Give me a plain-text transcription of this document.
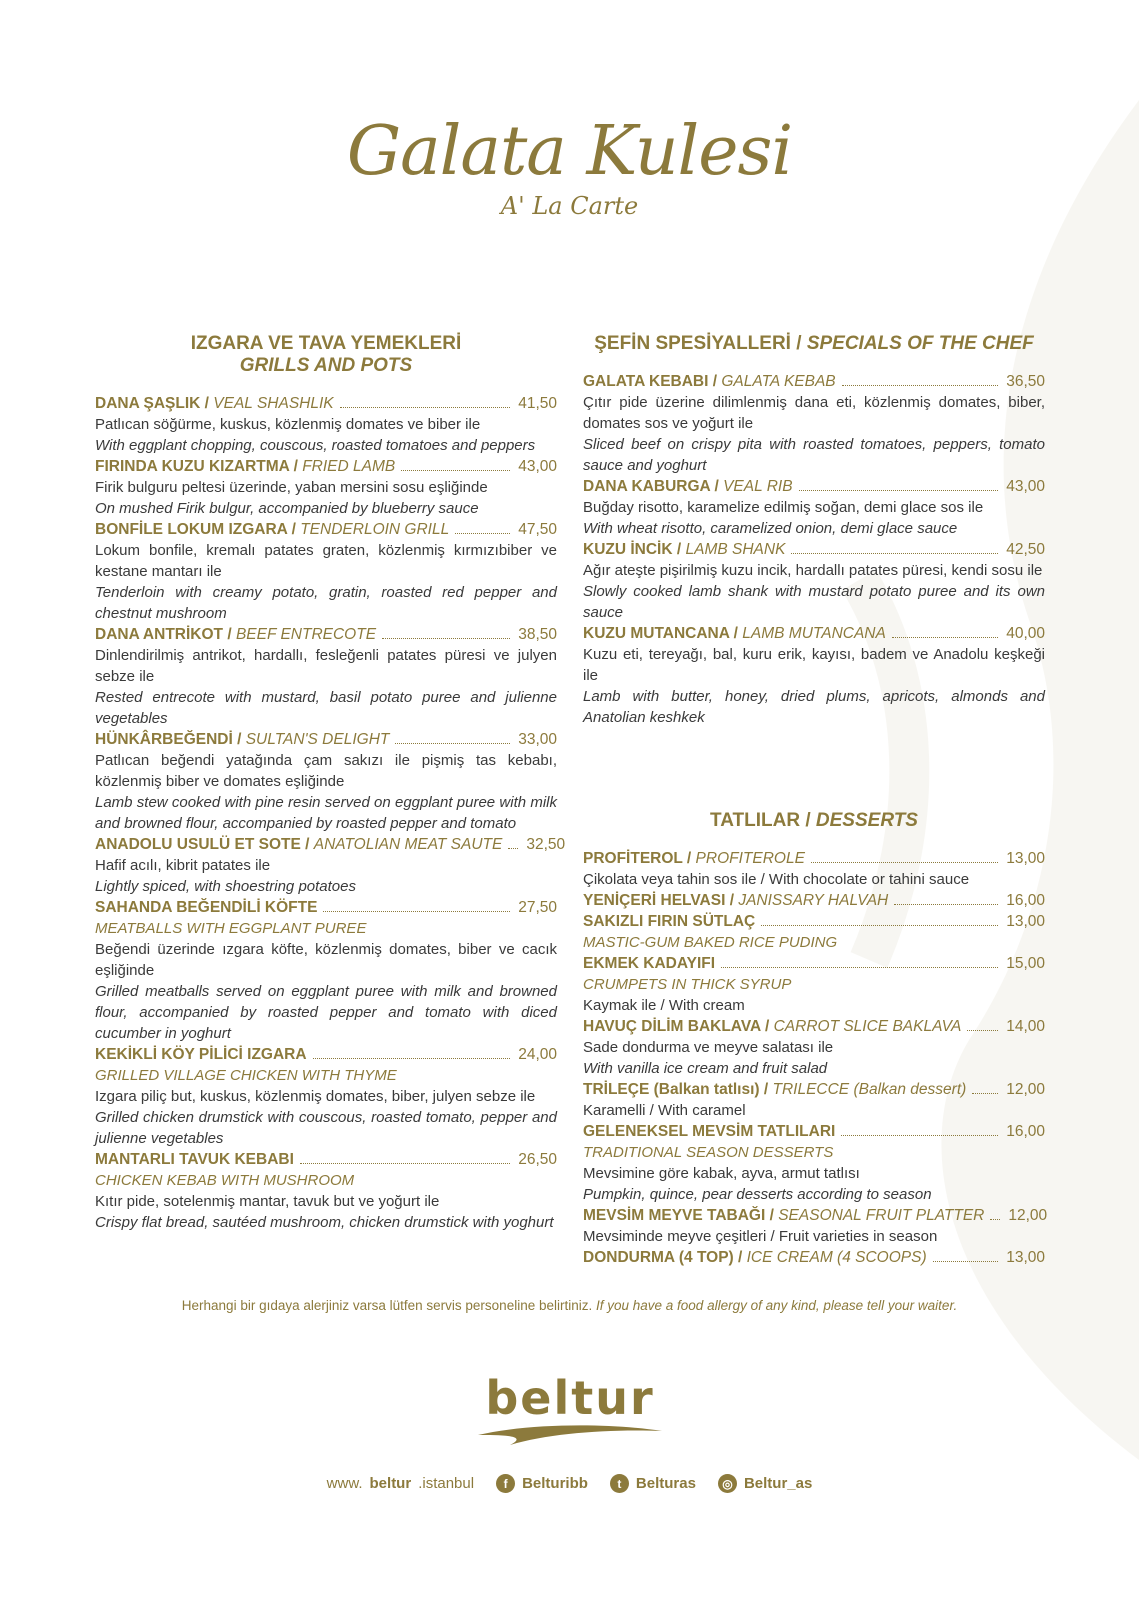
Galata Kulesi
A' La Carte
IZGARA VE TAVA YEMEKLERİ
GRILLS AND POTS
DANA ŞAŞLIK / VEAL SHASHLIK	41,50
Patlıcan söğürme, kuskus, közlenmiş domates ve biber ile
With eggplant chopping, couscous, roasted tomatoes and peppers
FIRINDA KUZU KIZARTMA / FRIED LAMB	43,00
Firik bulguru peltesi üzerinde, yaban mersini sosu eşliğinde
On mushed Firik bulgur, accompanied by blueberry sauce
BONFİLE LOKUM IZGARA / TENDERLOIN GRILL	47,50
Lokum bonfile, kremalı patates graten, közlenmiş kırmızıbiber ve kestane mantarı ile
Tenderloin with creamy potato, gratin, roasted red pepper and chestnut mushroom
DANA ANTRİKOT / BEEF ENTRECOTE	38,50
Dinlendirilmiş antrikot, hardallı, fesleğenli patates püresi ve julyen sebze ile
Rested entrecote with mustard, basil potato puree and julienne vegetables
HÜNKÂRBEĞENDİ / SULTAN'S DELIGHT	33,00
Patlıcan beğendi yatağında çam sakızı ile pişmiş tas kebabı, közlenmiş biber ve domates eşliğinde
Lamb stew cooked with pine resin served on eggplant puree with milk and browned flour, accompanied by roasted pepper and tomato
ANADOLU USULÜ ET SOTE / ANATOLIAN MEAT SAUTE 32,50
Hafif acılı, kibrit patates ile
Lightly spiced, with shoestring potatoes
SAHANDA BEĞENDİLİ KÖFTE	27,50
MEATBALLS WITH EGGPLANT PUREE
Beğendi üzerinde ızgara köfte, közlenmiş domates, biber ve cacık eşliğinde
Grilled meatballs served on eggplant puree with milk and browned flour, accompanied by roasted pepper and tomato with diced cucumber in yoghurt
KEKİKLİ KÖY PİLİCİ IZGARA	24,00
GRILLED VILLAGE CHICKEN WITH THYME
Izgara piliç but, kuskus, közlenmiş domates, biber, julyen sebze ile
Grilled chicken drumstick with couscous, roasted tomato, pepper and julienne vegetables
MANTARLI TAVUK KEBABI	26,50
CHICKEN KEBAB WITH MUSHROOM
Kıtır pide, sotelenmiş mantar, tavuk but ve yoğurt ile
Crispy flat bread, sautéed mushroom, chicken drumstick with yoghurt
ŞEFİN SPESİYALLERİ / SPECIALS OF THE CHEF
GALATA KEBABI / GALATA KEBAB	36,50
Çıtır pide üzerine dilimlenmiş dana eti, közlenmiş domates, biber, domates sos ve yoğurt ile
Sliced beef on crispy pita with roasted tomatoes, peppers, tomato sauce and yoghurt
DANA KABURGA / VEAL RIB	43,00
Buğday risotto, karamelize edilmiş soğan, demi glace sos ile
With wheat risotto, caramelized onion, demi glace sauce
KUZU İNCİK / LAMB SHANK	42,50
Ağır ateşte pişirilmiş kuzu incik, hardallı patates püresi, kendi sosu ile
Slowly cooked lamb shank with mustard potato puree and its own sauce
KUZU MUTANCANA / LAMB MUTANCANA	40,00
Kuzu eti, tereyağı, bal, kuru erik, kayısı, badem ve Anadolu keşkeği ile
Lamb with butter, honey, dried plums, apricots, almonds and Anatolian keshkek
TATLILAR / DESSERTS
PROFİTEROL / PROFITEROLE	13,00
Çikolata veya tahin sos ile / With chocolate or tahini sauce
YENİÇERİ HELVASI / JANISSARY HALVAH	16,00
SAKIZLI FIRIN SÜTLAÇ	13,00
MASTIC-GUM BAKED RICE PUDING
EKMEK KADAYIFI	15,00
CRUMPETS IN THICK SYRUP
Kaymak ile / With cream
HAVUÇ DİLİM BAKLAVA / CARROT SLICE BAKLAVA	14,00
Sade dondurma ve meyve salatası ile
With vanilla ice cream and fruit salad
TRİLEÇE (Balkan tatlısı) / TRILECCE (Balkan dessert)	12,00
Karamelli / With caramel
GELENEKSEL MEVSİM TATLILARI	16,00
TRADITIONAL SEASON DESSERTS
Mevsimine göre kabak, ayva, armut tatlısı
Pumpkin, quince, pear desserts according to season
MEVSİM MEYVE TABAĞI / SEASONAL FRUIT PLATTER 12,00
Mevsiminde meyve çeşitleri / Fruit varieties in season
DONDURMA (4 TOP) / ICE CREAM (4 SCOOPS)	13,00
Herhangi bir gıdaya alerjiniz varsa lütfen servis personeline belirtiniz. If you have a food allergy of any kind, please tell your waiter.
beltur
www. beltur .istanbul	f Belturibb	t Belturas	◎ Beltur_as
